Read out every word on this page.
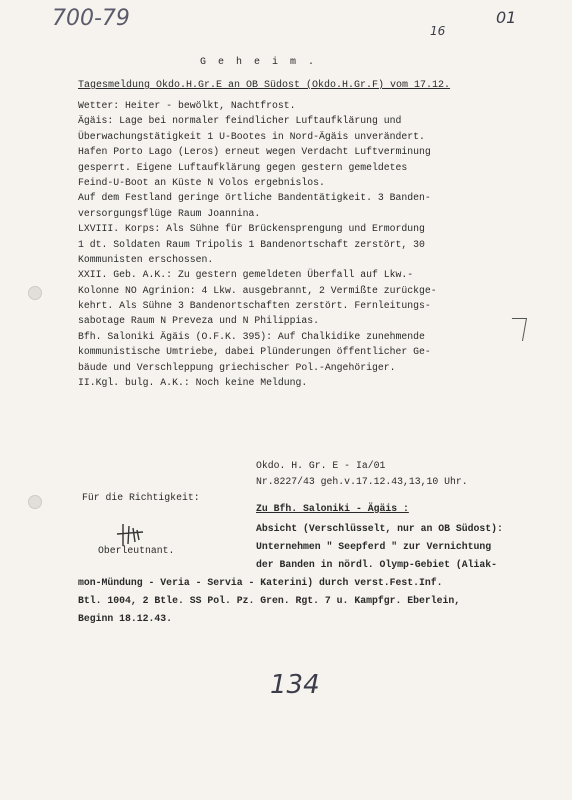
700-79	16
01
134
G e h e i m .
Tagesmeldung Okdo.H.Gr.E an OB Südost (Okdo.H.Gr.F) vom 17.12.
Wetter: Heiter - bewölkt, Nachtfrost.
Ägäis: Lage bei normaler feindlicher Luftaufklärung und
Überwachungstätigkeit 1 U-Bootes in Nord-Ägäis unverändert.
Hafen Porto Lago (Leros) erneut wegen Verdacht Luftverminung
gesperrt. Eigene Luftaufklärung gegen gestern gemeldetes
Feind-U-Boot an Küste N Volos ergebnislos.
Auf dem Festland geringe örtliche Bandentätigkeit. 3 Banden-
versorgungsflüge Raum Joannina.
LXVIII. Korps: Als Sühne für Brückensprengung und Ermordung
1 dt. Soldaten Raum Tripolis 1 Bandenortschaft zerstört, 30
Kommunisten erschossen.
XXII. Geb. A.K.: Zu gestern gemeldeten Überfall auf Lkw.-
Kolonne NO Agrinion: 4 Lkw. ausgebrannt, 2 Vermißte zurückge-
kehrt. Als Sühne 3 Bandenortschaften zerstört. Fernleitungs-
sabotage Raum N Preveza und N Philippias.
Bfh. Saloniki Ägäis (O.F.K. 395): Auf Chalkidike zunehmende
kommunistische Umtriebe, dabei Plünderungen öffentlicher Ge-
bäude und Verschleppung griechischer Pol.-Angehöriger.
II.Kgl. bulg. A.K.: Noch keine Meldung.
Okdo. H. Gr. E - Ia/01
Nr.8227/43 geh.v.17.12.43,13,10 Uhr.
Für die Richtigkeit:
Oberleutnant.
Zu Bfh. Saloniki - Ägäis :
Absicht (Verschlüsselt, nur an OB Südost):
Unternehmen " Seepferd " zur Vernichtung
der Banden in nördl. Olymp-Gebiet (Aliak-
mon-Mündung - Veria - Servia - Katerini) durch verst.Fest.Inf.
Btl. 1004, 2 Btle. SS Pol. Pz. Gren. Rgt. 7 u. Kampfgr. Eberlein,
Beginn 18.12.43.
